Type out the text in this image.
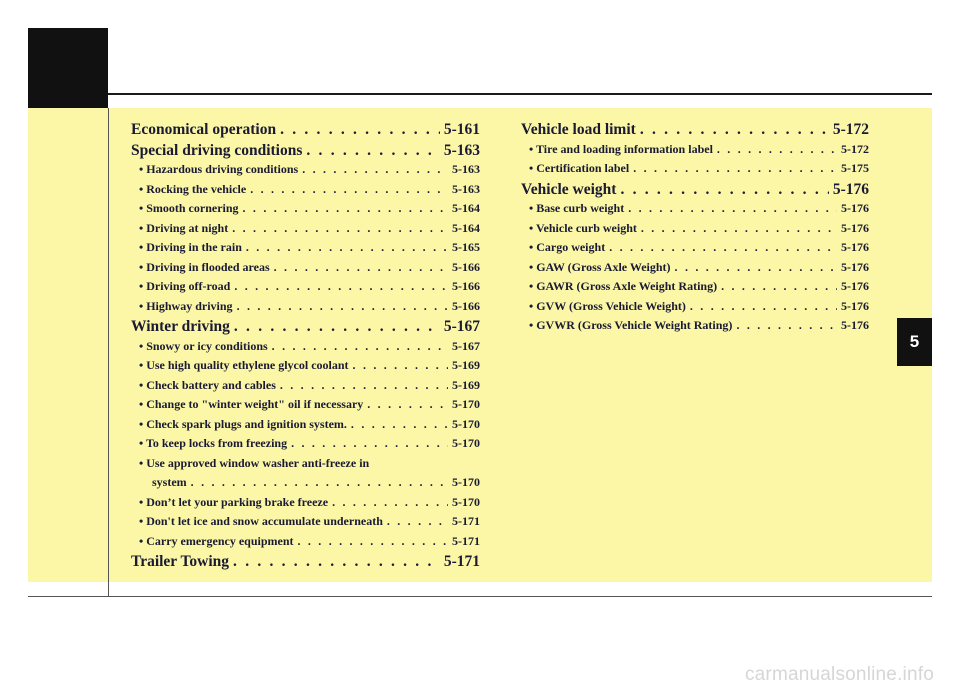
Economical operation . . .	5-161
Special driving conditions . . .	5-163
• Hazardous driving conditions . . .	5-163
• Rocking the vehicle . . .	5-163
• Smooth cornering . . .	5-164
• Driving at night . . .	5-164
• Driving in the rain . . .	5-165
• Driving in flooded areas . . .	5-166
• Driving off-road . . .	5-166
• Highway driving . . .	5-166
Winter driving . . .	5-167
• Snowy or icy conditions . . .	5-167
• Use high quality ethylene glycol coolant . . .	5-169
• Check battery and cables . . .	5-169
• Change to "winter weight" oil if necessary . . .	5-170
• Check spark plugs and ignition system. . . .	5-170
• To keep locks from freezing . . .	5-170
• Use approved window washer anti-freeze in
system . . .	5-170
• Don’t let your parking brake freeze . . .	5-170
• Don't let ice and snow accumulate underneath . . .	5-171
• Carry emergency equipment . . .	5-171
Trailer Towing . . .	5-171
Vehicle load limit . . .	5-172
• Tire and loading information label . . .	5-172
• Certification label . . .	5-175
Vehicle weight . . .	5-176
• Base curb weight . . .	5-176
• Vehicle curb weight . . .	5-176
• Cargo weight . . .	5-176
• GAW (Gross Axle Weight) . . .	5-176
• GAWR (Gross Axle Weight Rating) . . .	5-176
• GVW (Gross Vehicle Weight) . . .	5-176
• GVWR (Gross Vehicle Weight Rating) . . .	5-176
5
carmanualsonline.info
